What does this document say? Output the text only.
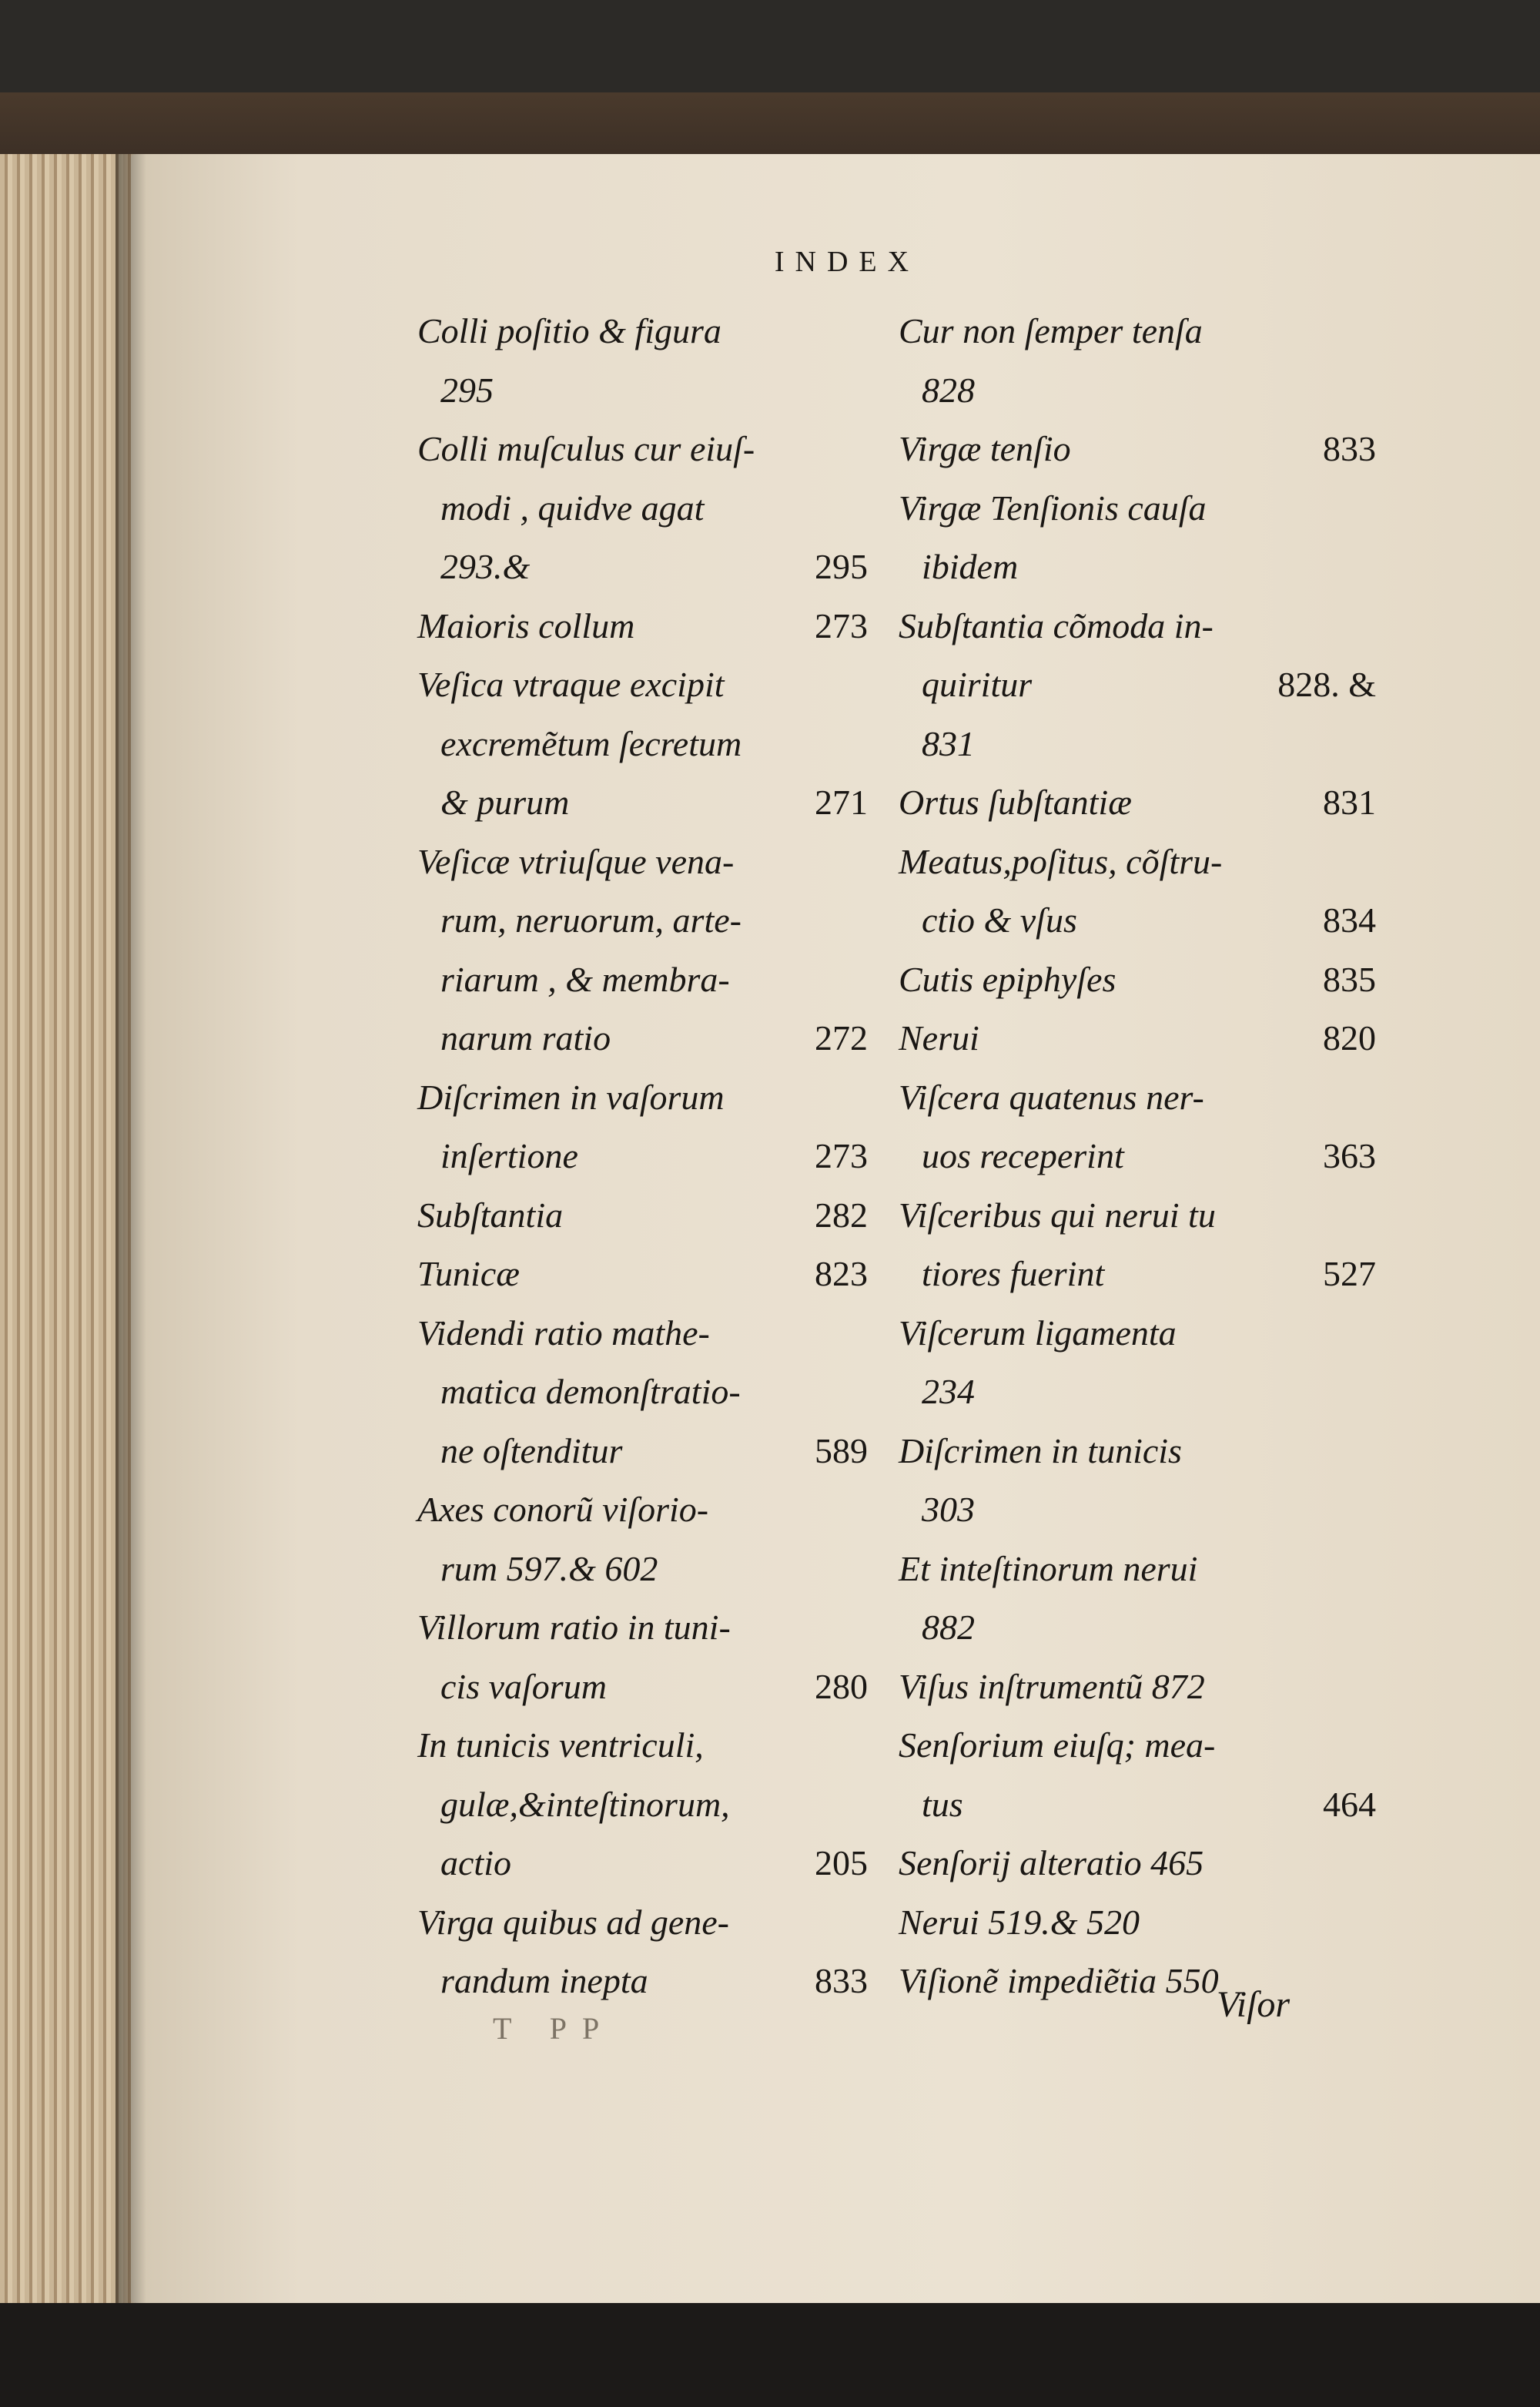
INDEX
Colli poſitio & figura
295
Colli muſculus cur eiuſ-
modi , quidve agat
293.&	295
Maioris collum	273
Veſica vtraque excipit
excremẽtum ſecretum
& purum	271
Veſicæ vtriuſque vena-
rum, neruorum, arte-
riarum , & membra-
narum ratio	272
Diſcrimen in vaſorum
inſertione	273
Subſtantia	282
Tunicæ	823
Videndi ratio mathe-
matica demonſtratio-
ne oſtenditur	589
Axes conorũ viſorio-
rum 597.& 602
Villorum ratio in tuni-
cis vaſorum	280
In tunicis ventriculi,
gulæ,&inteſtinorum,
actio	205
Virga quibus ad gene-
randum inepta	833
Cur non ſemper tenſa
828
Virgæ tenſio	833
Virgæ Tenſionis cauſa
ibidem
Subſtantia cõmoda in-
quiritur	828. &
831
Ortus ſubſtantiæ	831
Meatus,poſitus, cõſtru-
ctio & vſus	834
Cutis epiphyſes	835
Nerui	820
Viſcera quatenus ner-
uos receperint	363
Viſceribus qui nerui tu
tiores fuerint	527
Viſcerum ligamenta
234
Diſcrimen in tunicis
303
Et inteſtinorum nerui
882
Viſus inſtrumentũ 872
Senſorium eiuſq; mea-
tus	464
Senſorij alteratio 465
Nerui 519.& 520
Viſionẽ impediẽtia 550
T PP
Viſor
